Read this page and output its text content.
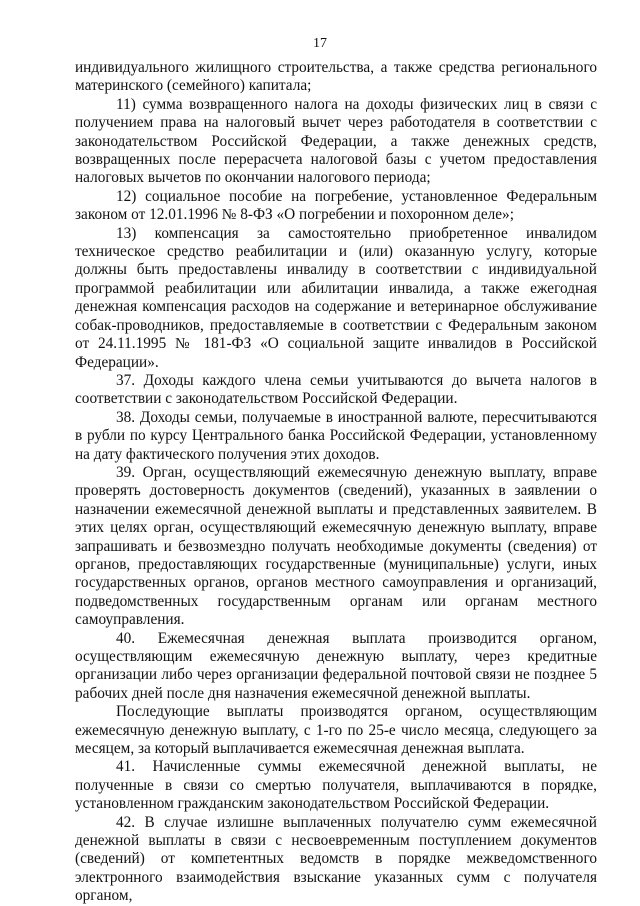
17

индивидуального жилищного строительства, а также средства регионального материнского (семейного) капитала;

11) сумма возвращенного налога на доходы физических лиц в связи с получением права на налоговый вычет через работодателя в соответствии с законодательством Российской Федерации, а также денежных средств, возвращенных после перерасчета налоговой базы с учетом предоставления налоговых вычетов по окончании налогового периода;

12) социальное пособие на погребение, установленное Федеральным законом от 12.01.1996 № 8-ФЗ «О погребении и похоронном деле»;

13) компенсация за самостоятельно приобретенное инвалидом техническое средство реабилитации и (или) оказанную услугу, которые должны быть предоставлены инвалиду в соответствии с индивидуальной программой реабилитации или абилитации инвалида, а также ежегодная денежная компенсация расходов на содержание и ветеринарное обслуживание собак-проводников, предоставляемые в соответствии с Федеральным законом от 24.11.1995 № 181-ФЗ «О социальной защите инвалидов в Российской Федерации».

37. Доходы каждого члена семьи учитываются до вычета налогов в соответствии с законодательством Российской Федерации.

38. Доходы семьи, получаемые в иностранной валюте, пересчитываются в рубли по курсу Центрального банка Российской Федерации, установленному на дату фактического получения этих доходов.

39. Орган, осуществляющий ежемесячную денежную выплату, вправе проверять достоверность документов (сведений), указанных в заявлении о назначении ежемесячной денежной выплаты и представленных заявителем. В этих целях орган, осуществляющий ежемесячную денежную выплату, вправе запрашивать и безвозмездно получать необходимые документы (сведения) от органов, предоставляющих государственные (муниципальные) услуги, иных государственных органов, органов местного самоуправления и организаций, подведомственных государственным органам или органам местного самоуправления.

40. Ежемесячная денежная выплата производится органом, осуществляющим ежемесячную денежную выплату, через кредитные организации либо через организации федеральной почтовой связи не позднее 5 рабочих дней после дня назначения ежемесячной денежной выплаты.

Последующие выплаты производятся органом, осуществляющим ежемесячную денежную выплату, с 1-го по 25-е число месяца, следующего за месяцем, за который выплачивается ежемесячная денежная выплата.

41. Начисленные суммы ежемесячной денежной выплаты, не полученные в связи со смертью получателя, выплачиваются в порядке, установленном гражданским законодательством Российской Федерации.

42. В случае излишне выплаченных получателю сумм ежемесячной денежной выплаты в связи с несвоевременным поступлением документов (сведений) от компетентных ведомств в порядке межведомственного электронного взаимодействия взыскание указанных сумм с получателя органом,
